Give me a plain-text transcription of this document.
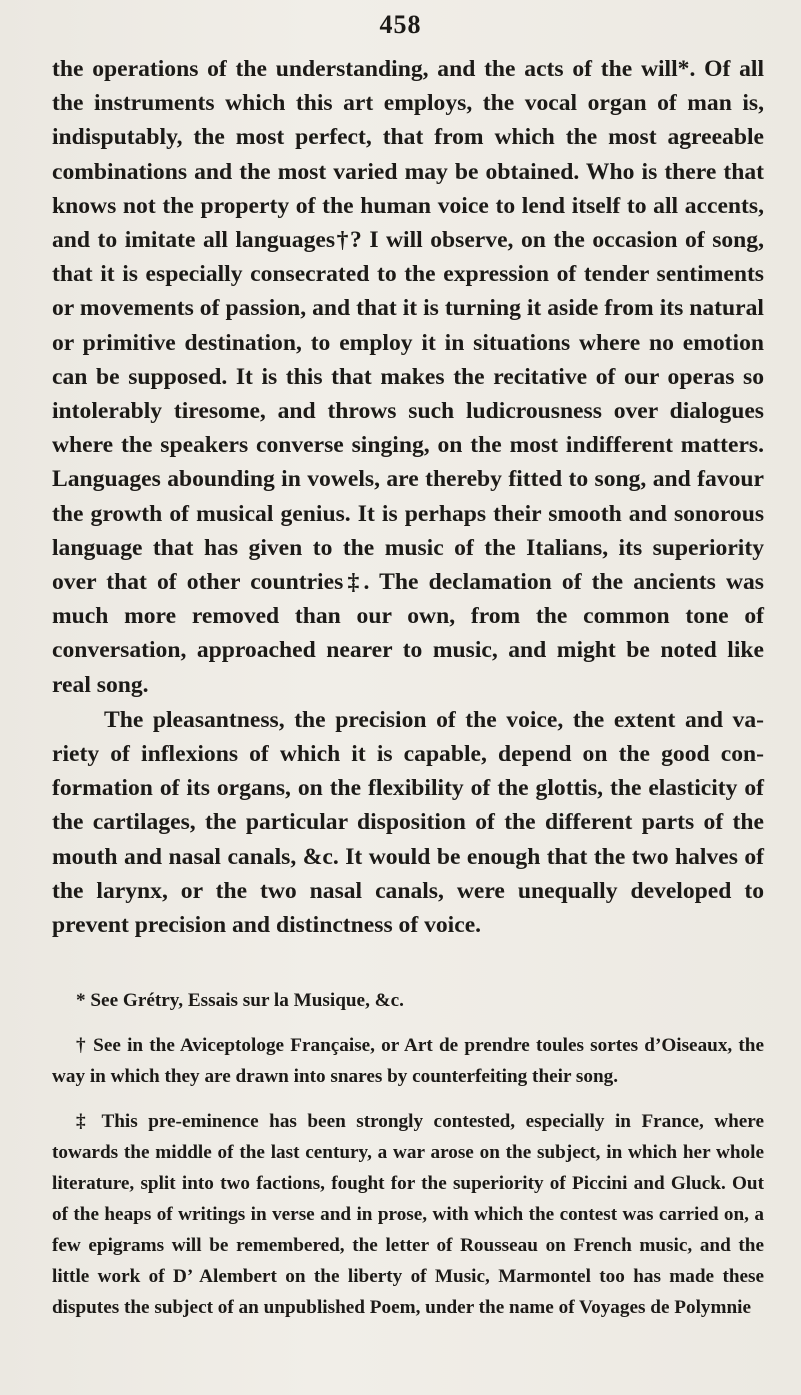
458

the operations of the understanding, and the acts of the will*. Of all the instruments which this art employs, the vocal organ of man is, indisputably, the most perfect, that from which the most agreeable combinations and the most varied may be obtained. Who is there that knows not the property of the human voice to lend itself to all accents, and to imitate all languages†? I will observe, on the occasion of song, that it is especially consecrated to the expression of tender sentiments or movements of passion, and that it is turning it aside from its natural or primitive destination, to employ it in situations where no emotion can be supposed. It is this that makes the recitative of our operas so intolerably tiresome, and throws such ludicrousness over dialogues where the speakers converse singing, on the most indifferent matters. Languages abounding in vowels, are thereby fitted to song, and favour the growth of musical genius. It is perhaps their smooth and sonorous language that has given to the music of the Italians, its superiority over that of other countries‡. The declamation of the ancients was much more removed than our own, from the common tone of conversation, approached nearer to music, and might be noted like real song.

The pleasantness, the precision of the voice, the extent and variety of inflexions of which it is capable, depend on the good conformation of its organs, on the flexibility of the glottis, the elasticity of the cartilages, the particular disposition of the different parts of the mouth and nasal canals, &c. It would be enough that the two halves of the larynx, or the two nasal canals, were unequally developed to prevent precision and distinctness of voice.

* See Grétry, Essais sur la Musique, &c.

† See in the Aviceptologe Française, or Art de prendre toules sortes d’Oiseaux, the way in which they are drawn into snares by counterfeiting their song.

‡ This pre-eminence has been strongly contested, especially in France, where towards the middle of the last century, a war arose on the subject, in which her whole literature, split into two factions, fought for the superiority of Piccini and Gluck. Out of the heaps of writings in verse and in prose, with which the contest was carried on, a few epigrams will be remembered, the letter of Rousseau on French music, and the little work of D’ Alembert on the liberty of Music, Marmontel too has made these disputes the subject of an unpublished Poem, under the name of Voyages de Polymnie
